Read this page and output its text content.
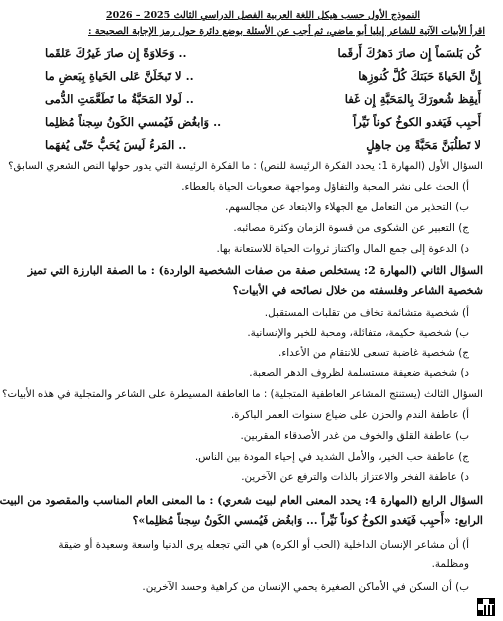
النموذج الأول حسب هيكل اللغة العربية الفصل الدراسي الثالث 2025 – 2026
اقرأ الأبيات الآتية للشاعر إيليا أبو ماضي، ثم أجب عن الأسئلة بوضع دائرة حول رمز الإجابة الصحيحة :
كُن بَلسَماً إِن صارَ دَهرُكَ أَرقَما
.. وَحَلاوَةً إِن صارَ غَيرُكَ عَلقَما
إِنَّ الحَياةَ حَبَتكَ كُلَّ كُنوزِها
.. لا تَبخَلَنَّ عَلى الحَياةِ بِبَعضِ ما
أَيقِظ شُعورَكَ بِالمَحَبَّةِ إِن غَفا
.. لَولا المَحَبَّةُ ما تَطَعَّمَتِ الدُّمى
أَحبِب فَيَغدو الكوخُ كوناً نَيِّراً
.. وَابغُض فَيُمسي الكَونُ سِجناً مُظلِما
لا تَطلُبَنَّ مَحَبَّةً مِن جاهِلٍ
.. المَرءُ لَيسَ يُحَبُّ حَتّى يُفهَما
السؤال الأول (المهارة 1: يحدد الفكرة الرئيسة للنص) : ما الفكرة الرئيسة التي يدور حولها النص الشعري السابق؟
أ) الحث على نشر المحبة والتفاؤل ومواجهة صعوبات الحياة بالعطاء.
ب) التحذير من التعامل مع الجهلاء والابتعاد عن مجالسهم.
ج) التعبير عن الشكوى من قسوة الزمان وكثرة مصائبه.
د) الدعوة إلى جمع المال واكتناز ثروات الحياة للاستعانة بها.
السؤال الثاني (المهارة 2: يستخلص صفة من صفات الشخصية الواردة) : ما الصفة البارزة التي تميز
شخصية الشاعر وفلسفته من خلال نصائحه في الأبيات؟
أ) شخصية متشائمة تخاف من تقلبات المستقبل.
ب) شخصية حكيمة، متفائلة، ومحبة للخير والإنسانية.
ج) شخصية غاضبة تسعى للانتقام من الأعداء.
د) شخصية ضعيفة مستسلمة لظروف الدهر الصعبة.
السؤال الثالث (يستنتج المشاعر العاطفية المتجلية) : ما العاطفة المسيطرة على الشاعر والمتجلية في هذه الأبيات؟
أ) عاطفة الندم والحزن على ضياع سنوات العمر الباكرة.
ب) عاطفة القلق والخوف من غدر الأصدقاء المقربين.
ج) عاطفة حب الخير، والأمل الشديد في إحياء المودة بين الناس.
د) عاطفة الفخر والاعتزاز بالذات والترفع عن الآخرين.
السؤال الرابع (المهارة 4: يحدد المعنى العام لبيت شعري) : ما المعنى العام المناسب والمقصود من البيت
الرابع: «أَحبِب فَيَغدو الكوخُ كوناً نَيِّراً ... وَابغُض فَيُمسي الكَونُ سِجناً مُظلِما»؟
أ) أن مشاعر الإنسان الداخلية (الحب أو الكره) هي التي تجعله يرى الدنيا واسعة وسعيدة أو ضيقة ومظلمة.
ب) أن السكن في الأماكن الصغيرة يحمي الإنسان من كراهية وحسد الآخرين.
